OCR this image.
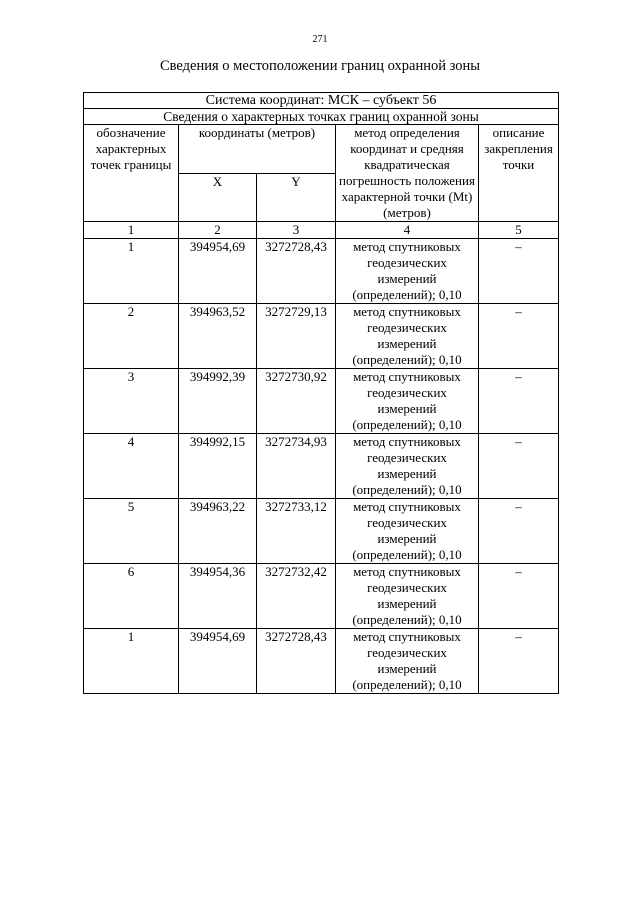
271
Сведения о местоположении границ охранной зоны
Система координат: МСК – субъект 56				
Сведения о характерных точках границ охранной зоны				
обозначение характерных точек границы	координаты (метров)		метод определения координат и средняя квадратическая погрешность положения характерной точки (Mt) (метров)	описание закрепления точки
	X	Y		
1	2	3	4	5
1	394954,69	3272728,43	метод спутниковых геодезических измерений (определений); 0,10	–
2	394963,52	3272729,13	метод спутниковых геодезических измерений (определений); 0,10	–
3	394992,39	3272730,92	метод спутниковых геодезических измерений (определений); 0,10	–
4	394992,15	3272734,93	метод спутниковых геодезических измерений (определений); 0,10	–
5	394963,22	3272733,12	метод спутниковых геодезических измерений (определений); 0,10	–
6	394954,36	3272732,42	метод спутниковых геодезических измерений (определений); 0,10	–
1	394954,69	3272728,43	метод спутниковых геодезических измерений (определений); 0,10	–
